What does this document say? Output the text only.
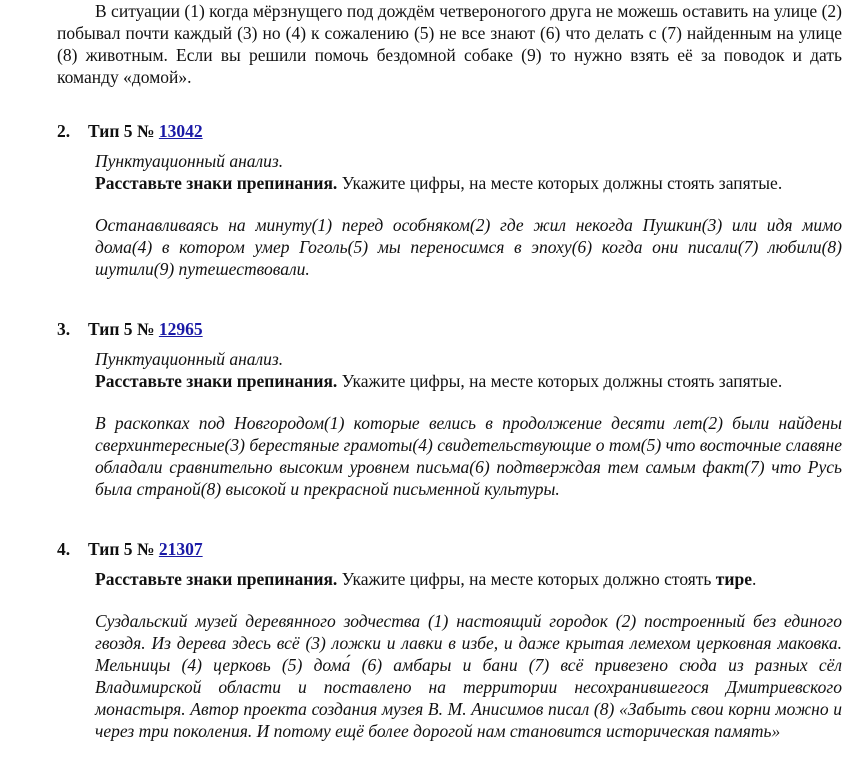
В ситуации (1) когда мёрзнущего под дождём четвероногого друга не можешь оставить на улице (2) побывал почти каждый (3) но (4) к сожалению (5) не все знают (6) что делать с (7) найденным на улице (8) животным. Если вы решили помочь бездомной собаке (9) то нужно взять её за поводок и дать команду «домой».

2. Тип 5 № 13042

Пунктуационный анализ.

Расставьте знаки препинания. Укажите цифры, на месте которых должны стоять запятые.

Останавливаясь на минуту(1) перед особняком(2) где жил некогда Пушкин(3) или идя мимо дома(4) в котором умер Гоголь(5) мы переносимся в эпоху(6) когда они писали(7) любили(8) шутили(9) путешествовали.

3. Тип 5 № 12965

Пунктуационный анализ.

Расставьте знаки препинания. Укажите цифры, на месте которых должны стоять запятые.

В раскопках под Новгородом(1) которые велись в продолжение десяти лет(2) были найдены сверхинтересные(3) берестяные грамоты(4) свидетельствующие о том(5) что восточные славяне обладали сравнительно высоким уровнем письма(6) подтверждая тем самым факт(7) что Русь была страной(8) высокой и прекрасной письменной культуры.

4. Тип 5 № 21307

Расставьте знаки препинания. Укажите цифры, на месте которых должно стоять тире.

Суздальский музей деревянного зодчества (1) настоящий городок (2) построенный без единого гвоздя. Из дерева здесь всё (3) ложки и лавки в избе, и даже крытая лемехом церковная маковка. Мельницы (4) церковь (5) дома́ (6) амбары и бани (7) всё привезено сюда из разных сёл Владимирской области и поставлено на территории несохранившегося Дмитриевского монастыря. Автор проекта создания музея В. М. Анисимов писал (8) «Забыть свои корни можно и через три поколения. И потому ещё более дорогой нам становится историческая память»
